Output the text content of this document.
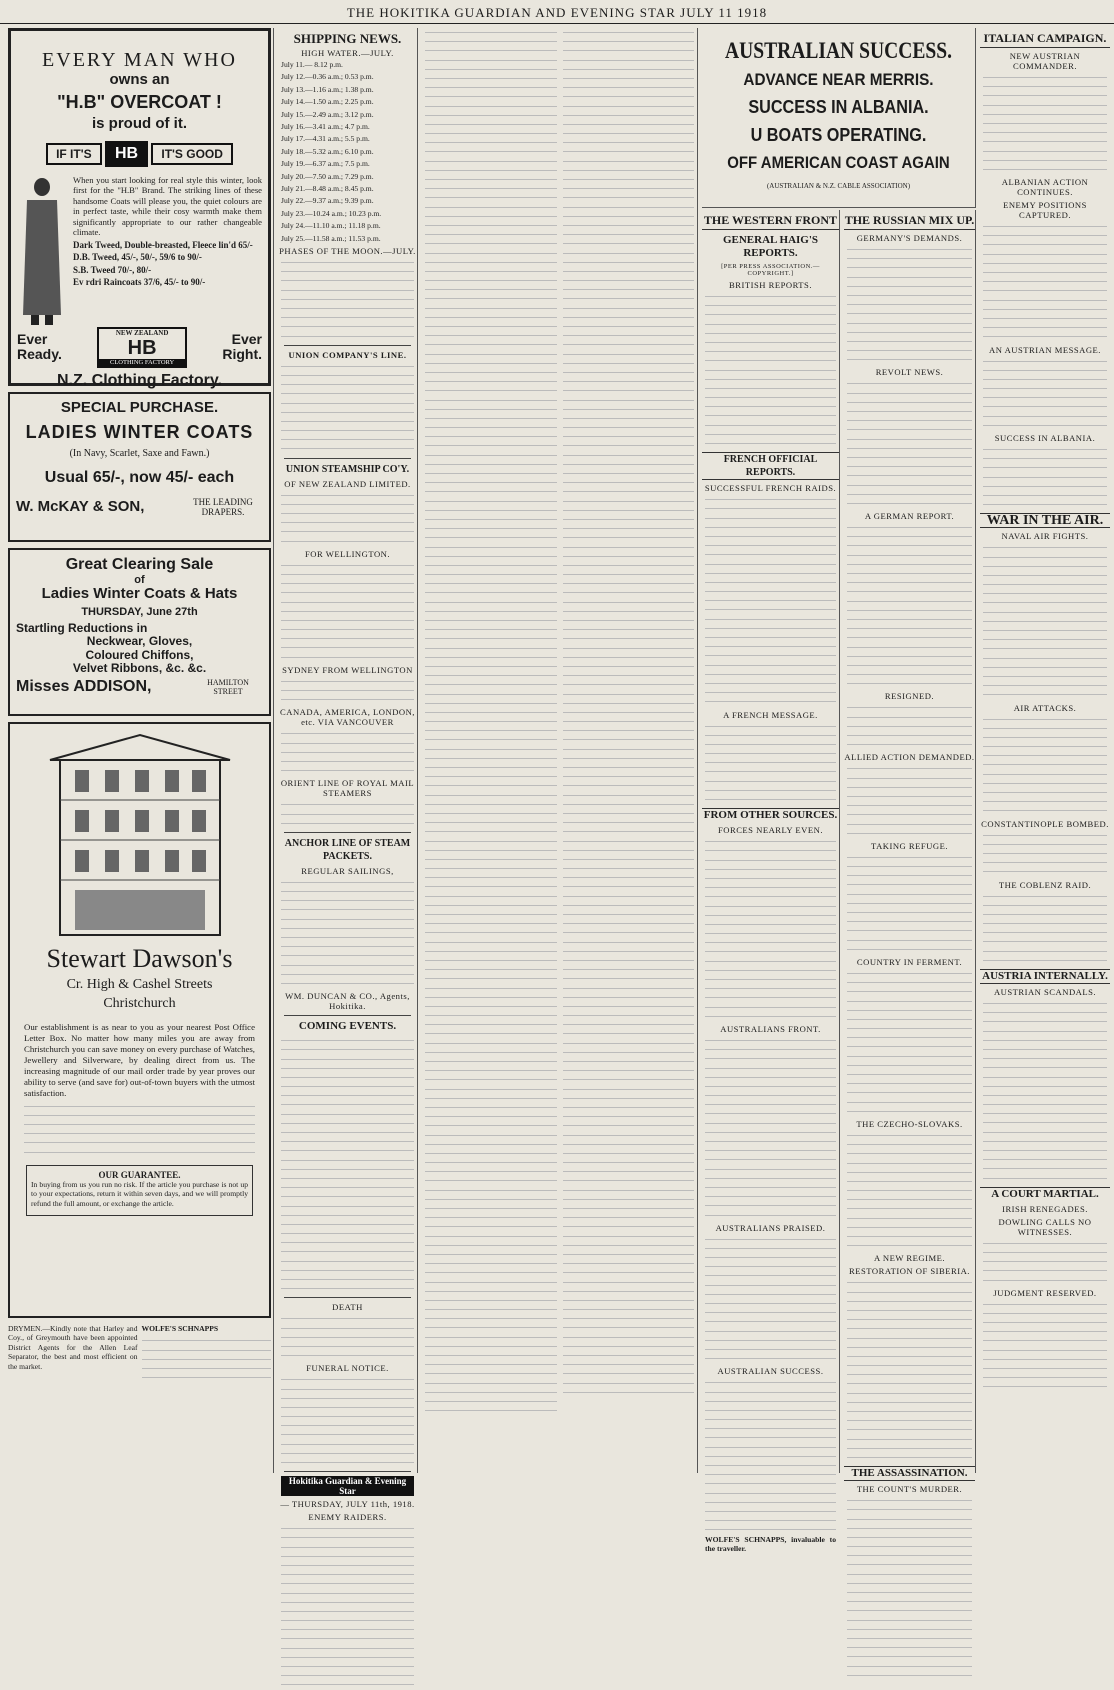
THE HOKITIKA GUARDIAN AND EVENING STAR JULY 11 1918
EVERY MAN WHO
owns an
"H.B" OVERCOAT !
is proud of it.
IF IT'S HB IT'S GOOD
When you start looking for real style this winter, look first for the "H.B" Brand. The striking lines of these handsome Coats will please you, the quiet colours are in perfect taste, while their cosy warmth make them significantly appropriate to our rather changeable climate.
Dark Tweed, Double-breasted, Fleece lin'd 65/-
D.B. Tweed, 45/-, 50/-, 59/6 to 90/-
S.B. Tweed 70/-, 80/-
Ev rdri Raincoats 37/6, 45/- to 90/-
Ever
Ready.
NEW ZEALAND
HB
CLOTHING FACTORY
Ever
Right.
N.Z. Clothing Factory.
SPECIAL PURCHASE.
LADIES WINTER COATS
(In Navy, Scarlet, Saxe and Fawn.)
Usual 65/-, now 45/- each
W. McKAY & SON,	THE LEADING DRAPERS.
Great Clearing Sale
of
Ladies Winter Coats & Hats
THURSDAY, June 27th
Startling Reductions in
Neckwear, Gloves,
Coloured Chiffons,
Velvet Ribbons, &c. &c.
Misses ADDISON,	HAMILTON STREET
Stewart Dawson's
Cr. High & Cashel Streets
Christchurch
Our establishment is as near to you as your nearest Post Office Letter Box. No matter how many miles you are away from Christchurch you can save money on every purchase of Watches, Jewellery and Silverware, by dealing direct from us. The increasing magnitude of our mail order trade by year proves our ability to serve (and save for) out-of-town buyers with the utmost satisfaction.
OUR GUARANTEE.
In buying from us you run no risk. If the article you purchase is not up to your expectations, return it within seven days, and we will promptly refund the full amount, or exchange the article.
DRYMEN.—Kindly note that Harley and Coy., of Greymouth have been appointed District Agents for the Allen Leaf Separator, the best and most efficient on the market.
WOLFE'S SCHNAPPS
SHIPPING NEWS.
HIGH WATER.—JULY.
July 11.— 8.12 p.m.
July 12.—0.36 a.m.; 0.53 p.m.
July 13.—1.16 a.m.; 1.38 p.m.
July 14.—1.50 a.m.; 2.25 p.m.
July 15.—2.49 a.m.; 3.12 p.m.
July 16.—3.41 a.m.; 4.7 p.m.
July 17.—4.31 a.m.; 5.5 p.m.
July 18.—5.32 a.m.; 6.10 p.m.
July 19.—6.37 a.m.; 7.5 p.m.
July 20.—7.50 a.m.; 7.29 p.m.
July 21.—8.48 a.m.; 8.45 p.m.
July 22.—9.37 a.m.; 9.39 p.m.
July 23.—10.24 a.m.; 10.23 p.m.
July 24.—11.10 a.m.; 11.18 p.m.
July 25.—11.58 a.m.; 11.53 p.m.
PHASES OF THE MOON.—JULY.
UNION COMPANY'S LINE.
UNION STEAMSHIP CO'Y.
OF NEW ZEALAND LIMITED.
FOR WELLINGTON.
SYDNEY FROM WELLINGTON
CANADA, AMERICA, LONDON, etc. VIA VANCOUVER
ORIENT LINE OF ROYAL MAIL STEAMERS
ANCHOR LINE OF STEAM PACKETS.
REGULAR SAILINGS,
WM. DUNCAN & CO., Agents, Hokitika.
COMING EVENTS.
DEATH
FUNERAL NOTICE.
Hokitika Guardian & Evening Star
— THURSDAY, JULY 11th, 1918.
ENEMY RAIDERS.
AUSTRALIAN SUCCESS.
ADVANCE NEAR MERRIS.
SUCCESS IN ALBANIA.
U BOATS OPERATING.
OFF AMERICAN COAST AGAIN
(AUSTRALIAN & N.Z. CABLE ASSOCIATION)
THE WESTERN FRONT
GENERAL HAIG'S REPORTS.
[PER PRESS ASSOCIATION.—COPYRIGHT.]
BRITISH REPORTS.
FRENCH OFFICIAL REPORTS.
SUCCESSFUL FRENCH RAIDS.
A FRENCH MESSAGE.
FROM OTHER SOURCES.
FORCES NEARLY EVEN.
AUSTRALIANS FRONT.
AUSTRALIANS PRAISED.
AUSTRALIAN SUCCESS.
WOLFE'S SCHNAPPS, invaluable to the traveller.
THE RUSSIAN MIX UP.
GERMANY'S DEMANDS.
REVOLT NEWS.
A GERMAN REPORT.
RESIGNED.
ALLIED ACTION DEMANDED.
TAKING REFUGE.
COUNTRY IN FERMENT.
THE CZECHO-SLOVAKS.
A NEW REGIME.
RESTORATION OF SIBERIA.
THE ASSASSINATION.
THE COUNT'S MURDER.
ITALIAN CAMPAIGN.
NEW AUSTRIAN COMMANDER.
ALBANIAN ACTION CONTINUES.
ENEMY POSITIONS CAPTURED.
AN AUSTRIAN MESSAGE.
SUCCESS IN ALBANIA.
WAR IN THE AIR.
NAVAL AIR FIGHTS.
AIR ATTACKS.
CONSTANTINOPLE BOMBED.
THE COBLENZ RAID.
AUSTRIA INTERNALLY.
AUSTRIAN SCANDALS.
A COURT MARTIAL.
IRISH RENEGADES.
DOWLING CALLS NO WITNESSES.
JUDGMENT RESERVED.
